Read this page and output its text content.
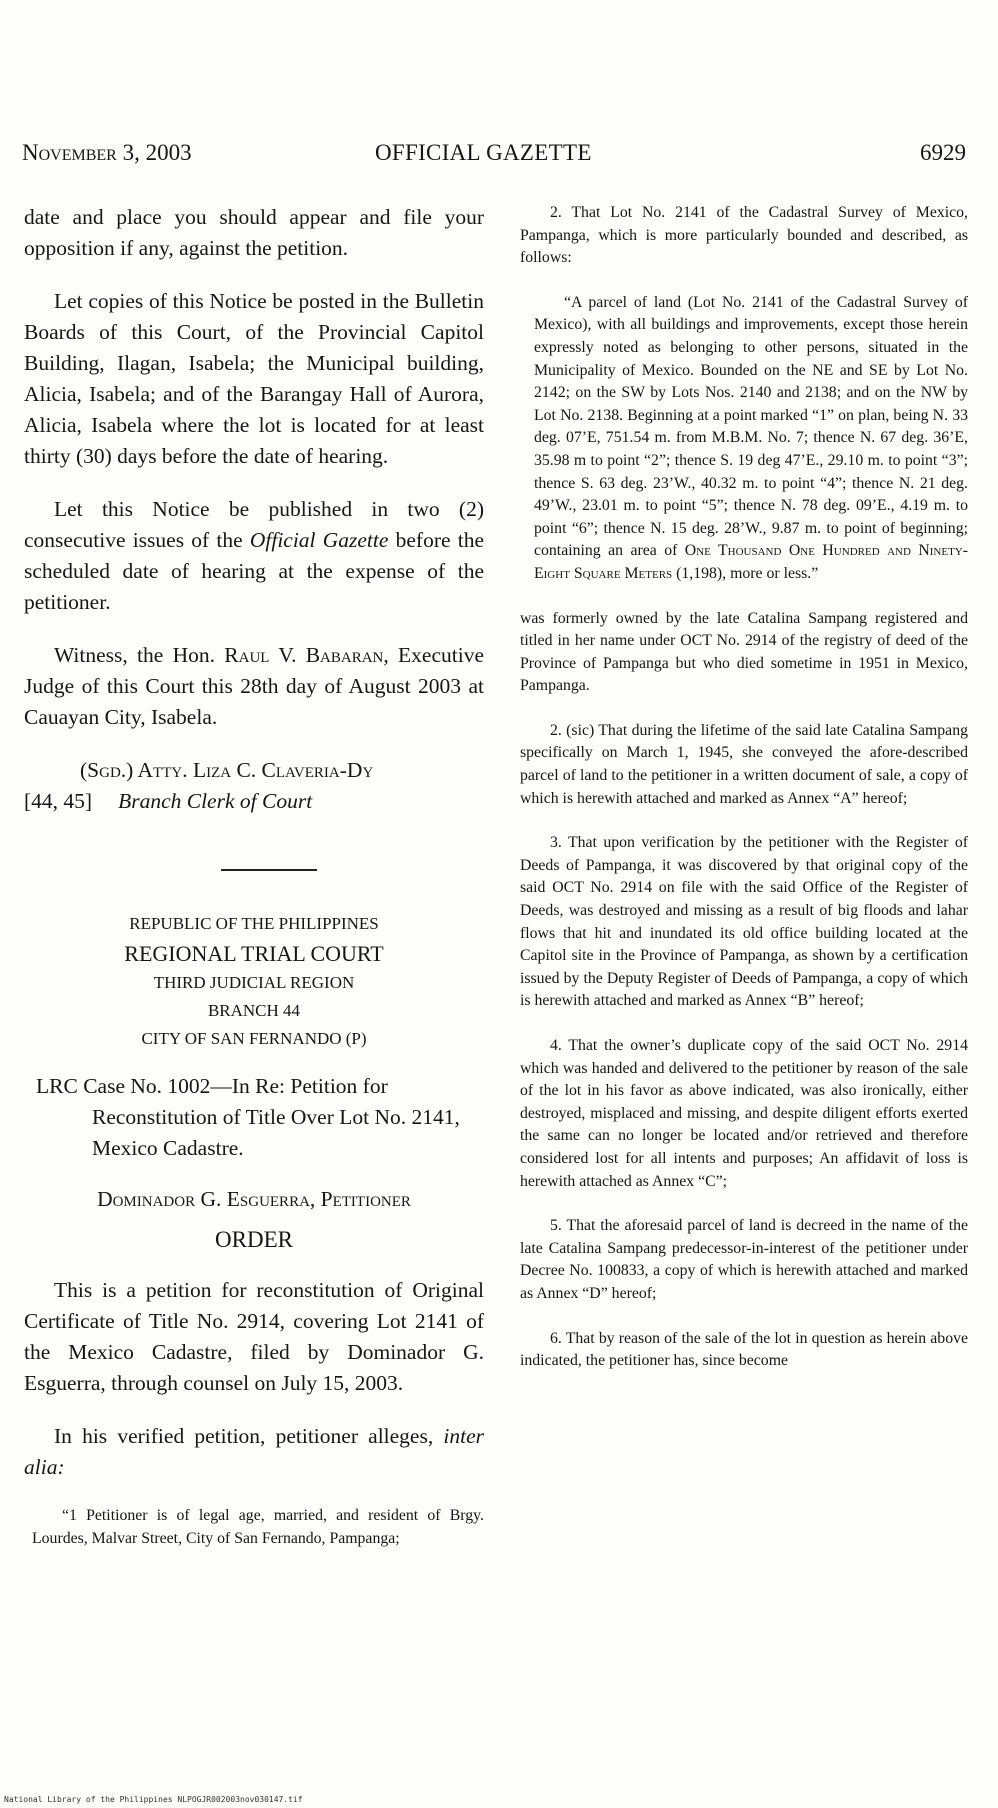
November 3, 2003	OFFICIAL GAZETTE	6929

date and place you should appear and file your opposition if any, against the petition.

Let copies of this Notice be posted in the Bulletin Boards of this Court, of the Provincial Capitol Building, Ilagan, Isabela; the Municipal building, Alicia, Isabela; and of the Barangay Hall of Aurora, Alicia, Isabela where the lot is located for at least thirty (30) days before the date of hearing.

Let this Notice be published in two (2) consecutive issues of the Official Gazette before the scheduled date of hearing at the expense of the petitioner.

Witness, the Hon. Raul V. Babaran, Executive Judge of this Court this 28th day of August 2003 at Cauayan City, Isabela.

(Sgd.) Atty. Liza C. Claveria-Dy

[44, 45] Branch Clerk of Court

REPUBLIC OF THE PHILIPPINES

REGIONAL TRIAL COURT

THIRD JUDICIAL REGION

BRANCH 44

CITY OF SAN FERNANDO (P)

LRC Case No. 1002—In Re: Petition for Reconstitution of Title Over Lot No. 2141, Mexico Cadastre.

Dominador G. Esguerra, Petitioner

ORDER

This is a petition for reconstitution of Original Certificate of Title No. 2914, covering Lot 2141 of the Mexico Cadastre, filed by Dominador G. Esguerra, through counsel on July 15, 2003.

In his verified petition, petitioner alleges, inter alia:

“1 Petitioner is of legal age, married, and resident of Brgy. Lourdes, Malvar Street, City of San Fernando, Pampanga;

2. That Lot No. 2141 of the Cadastral Survey of Mexico, Pampanga, which is more particularly bounded and described, as follows:

“A parcel of land (Lot No. 2141 of the Cadastral Survey of Mexico), with all buildings and improvements, except those herein expressly noted as belonging to other persons, situated in the Municipality of Mexico. Bounded on the NE and SE by Lot No. 2142; on the SW by Lots Nos. 2140 and 2138; and on the NW by Lot No. 2138. Beginning at a point marked “1” on plan, being N. 33 deg. 07’E, 751.54 m. from M.B.M. No. 7; thence N. 67 deg. 36’E, 35.98 m to point “2”; thence S. 19 deg 47’E., 29.10 m. to point “3”; thence S. 63 deg. 23’W., 40.32 m. to point “4”; thence N. 21 deg. 49’W., 23.01 m. to point “5”; thence N. 78 deg. 09’E., 4.19 m. to point “6”; thence N. 15 deg. 28’W., 9.87 m. to point of beginning; containing an area of One Thousand One Hundred and Ninety-Eight Square Meters (1,198), more or less.”

was formerly owned by the late Catalina Sampang registered and titled in her name under OCT No. 2914 of the registry of deed of the Province of Pampanga but who died sometime in 1951 in Mexico, Pampanga.

2. (sic) That during the lifetime of the said late Catalina Sampang specifically on March 1, 1945, she conveyed the afore-described parcel of land to the petitioner in a written document of sale, a copy of which is herewith attached and marked as Annex “A” hereof;

3. That upon verification by the petitioner with the Register of Deeds of Pampanga, it was discovered by that original copy of the said OCT No. 2914 on file with the said Office of the Register of Deeds, was destroyed and missing as a result of big floods and lahar flows that hit and inundated its old office building located at the Capitol site in the Province of Pampanga, as shown by a certification issued by the Deputy Register of Deeds of Pampanga, a copy of which is herewith attached and marked as Annex “B” hereof;

4. That the owner’s duplicate copy of the said OCT No. 2914 which was handed and delivered to the petitioner by reason of the sale of the lot in his favor as above indicated, was also ironically, either destroyed, misplaced and missing, and despite diligent efforts exerted the same can no longer be located and/or retrieved and therefore considered lost for all intents and purposes; An affidavit of loss is herewith attached as Annex “C”;

5. That the aforesaid parcel of land is decreed in the name of the late Catalina Sampang predecessor-in-interest of the petitioner under Decree No. 100833, a copy of which is herewith attached and marked as Annex “D” hereof;

6. That by reason of the sale of the lot in question as herein above indicated, the petitioner has, since become

National Library of the Philippines NLPOGJR002003nov030147.tif
